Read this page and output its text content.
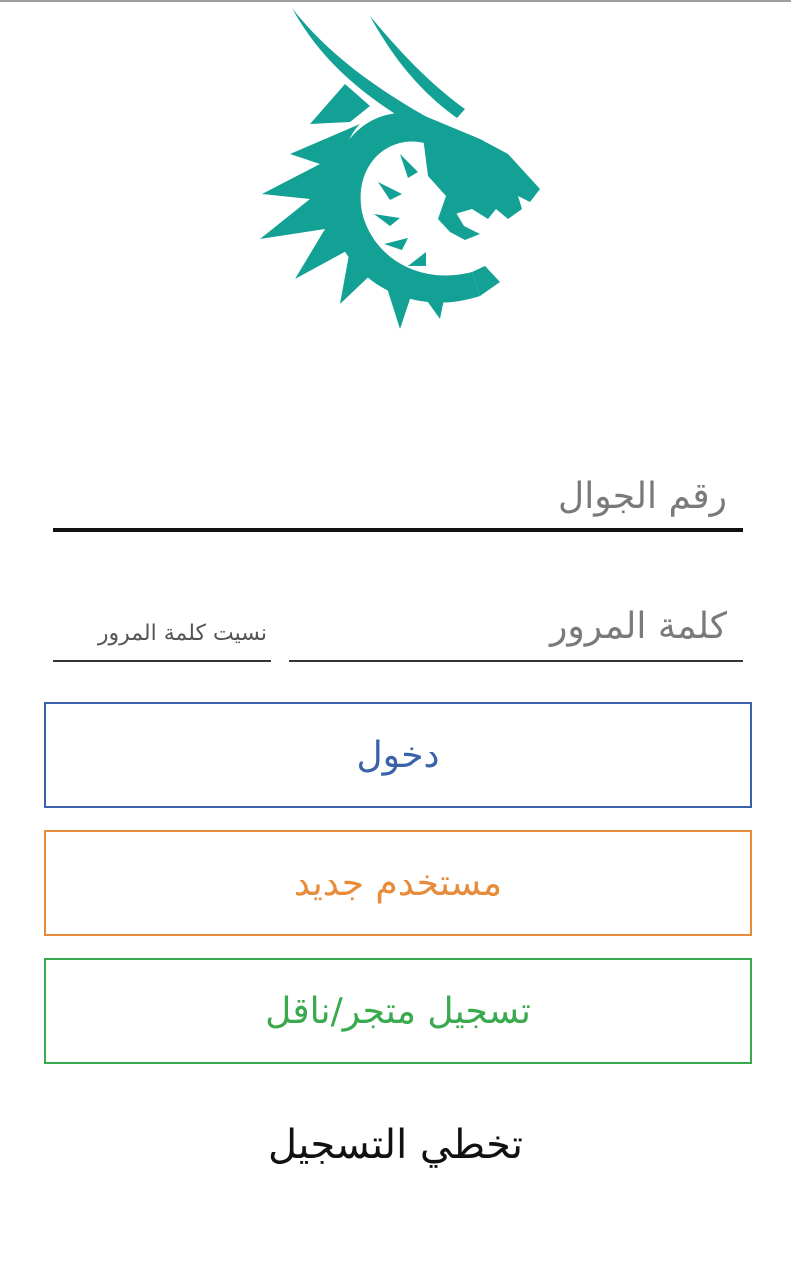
رقم الجوال
نسيت كلمة المرور
دخول
مستخدم جديد
تسجيل متجر/ناقل
تخطي التسجيل
